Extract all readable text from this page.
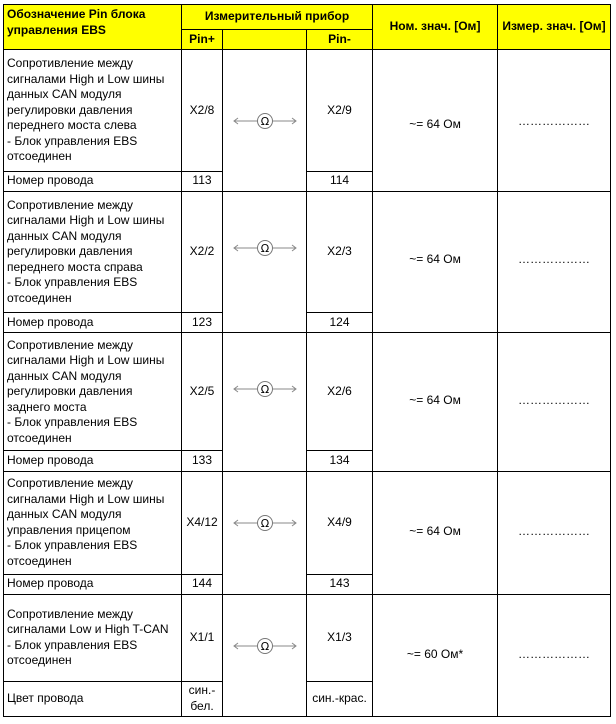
Обозначение Pin блока управления EBS	Измерительный прибор			Ном. знач. [Ом]	Измер. знач. [Ом]
	Pin+		Pin-		
Сопротивление между сигналами High и Low шины данных CAN модуля регулировки давления переднего моста слева
- Блок управления EBS отсоединен	X2/8	Ω	X2/9	~= 64 Ом	………………
Номер провода	113		114		
Сопротивление между сигналами High и Low шины данных CAN модуля регулировки давления переднего моста справа
- Блок управления EBS отсоединен	X2/2	Ω	X2/3	~= 64 Ом	………………
Номер провода	123		124		
Сопротивление между сигналами High и Low шины данных CAN модуля регулировки давления заднего моста
- Блок управления EBS отсоединен	X2/5	Ω	X2/6	~= 64 Ом	………………
Номер провода	133		134		
Сопротивление между сигналами High и Low шины данных CAN модуля управления прицепом
- Блок управления EBS отсоединен	X4/12	Ω	X4/9	~= 64 Ом	………………
Номер провода	144		143		
Сопротивление между сигналами Low и High T-CAN
- Блок управления EBS отсоединен	X1/1	Ω	X1/3	~= 60 Ом*	………………
Цвет провода	син.-бел.		син.-крас.		
